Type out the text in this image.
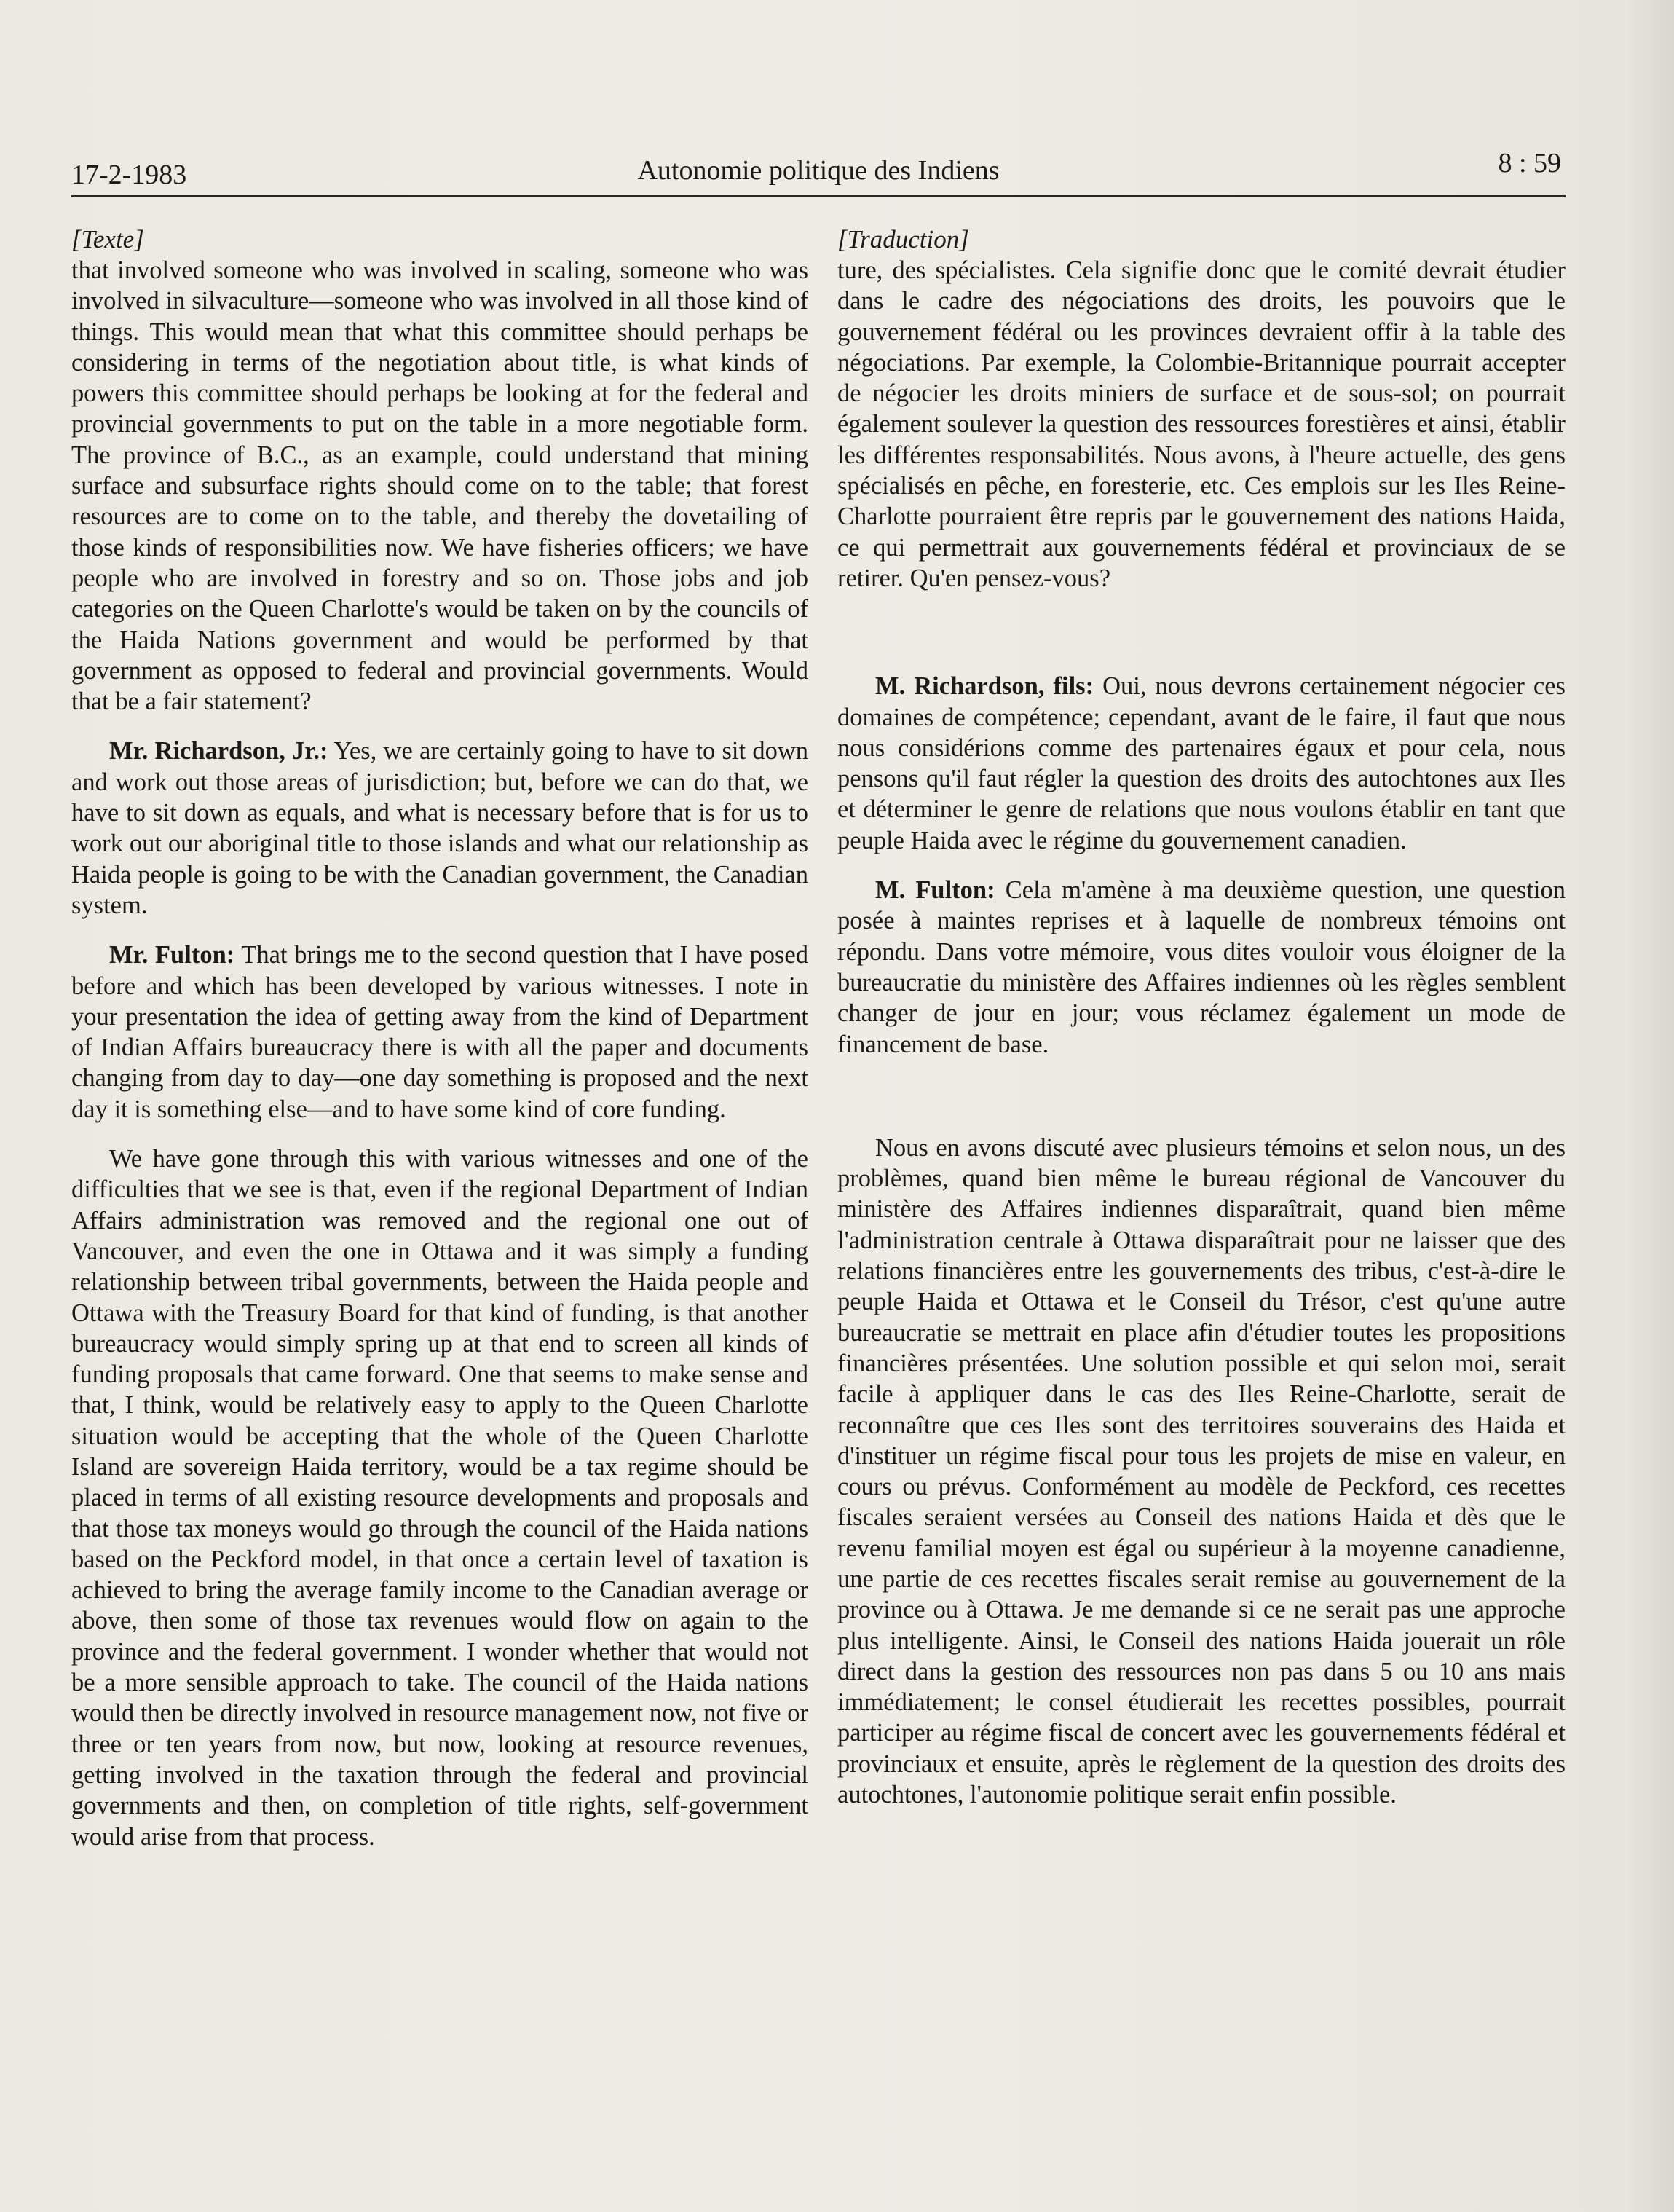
17-2-1983	Autonomie politique des Indiens	8 : 59
[Texte]

that involved someone who was involved in scaling, someone who was involved in silvaculture—someone who was involved in all those kind of things. This would mean that what this committee should perhaps be considering in terms of the negotiation about title, is what kinds of powers this committee should perhaps be looking at for the federal and provincial governments to put on the table in a more negotiable form. The province of B.C., as an example, could understand that mining surface and subsurface rights should come on to the table; that forest resources are to come on to the table, and thereby the dovetailing of those kinds of responsibilities now. We have fisheries officers; we have people who are involved in forestry and so on. Those jobs and job categories on the Queen Charlotte's would be taken on by the councils of the Haida Nations government and would be performed by that government as opposed to federal and provincial governments. Would that be a fair statement?

Mr. Richardson, Jr.: Yes, we are certainly going to have to sit down and work out those areas of jurisdiction; but, before we can do that, we have to sit down as equals, and what is necessary before that is for us to work out our aboriginal title to those islands and what our relationship as Haida people is going to be with the Canadian government, the Canadian system.

Mr. Fulton: That brings me to the second question that I have posed before and which has been developed by various witnesses. I note in your presentation the idea of getting away from the kind of Department of Indian Affairs bureaucracy there is with all the paper and documents changing from day to day—one day something is proposed and the next day it is something else—and to have some kind of core funding.

We have gone through this with various witnesses and one of the difficulties that we see is that, even if the regional Department of Indian Affairs administration was removed and the regional one out of Vancouver, and even the one in Ottawa and it was simply a funding relationship between tribal governments, between the Haida people and Ottawa with the Treasury Board for that kind of funding, is that another bureaucracy would simply spring up at that end to screen all kinds of funding proposals that came forward. One that seems to make sense and that, I think, would be relatively easy to apply to the Queen Charlotte situation would be accepting that the whole of the Queen Charlotte Island are sovereign Haida territory, would be a tax regime should be placed in terms of all existing resource developments and proposals and that those tax moneys would go through the council of the Haida nations based on the Peckford model, in that once a certain level of taxation is achieved to bring the average family income to the Canadian average or above, then some of those tax revenues would flow on again to the province and the federal government. I wonder whether that would not be a more sensible approach to take. The council of the Haida nations would then be directly involved in resource management now, not five or three or ten years from now, but now, looking at resource revenues, getting involved in the taxation through the federal and provincial governments and then, on completion of title rights, self-government would arise from that process.

[Traduction]

ture, des spécialistes. Cela signifie donc que le comité devrait étudier dans le cadre des négociations des droits, les pouvoirs que le gouvernement fédéral ou les provinces devraient offir à la table des négociations. Par exemple, la Colombie-Britannique pourrait accepter de négocier les droits miniers de surface et de sous-sol; on pourrait également soulever la question des ressources forestières et ainsi, établir les différentes responsabilités. Nous avons, à l'heure actuelle, des gens spécialisés en pêche, en foresterie, etc. Ces emplois sur les Iles Reine-Charlotte pourraient être repris par le gouvernement des nations Haida, ce qui permettrait aux gouvernements fédéral et provinciaux de se retirer. Qu'en pensez-vous?

M. Richardson, fils: Oui, nous devrons certainement négocier ces domaines de compétence; cependant, avant de le faire, il faut que nous nous considérions comme des partenaires égaux et pour cela, nous pensons qu'il faut régler la question des droits des autochtones aux Iles et déterminer le genre de relations que nous voulons établir en tant que peuple Haida avec le régime du gouvernement canadien.

M. Fulton: Cela m'amène à ma deuxième question, une question posée à maintes reprises et à laquelle de nombreux témoins ont répondu. Dans votre mémoire, vous dites vouloir vous éloigner de la bureaucratie du ministère des Affaires indiennes où les règles semblent changer de jour en jour; vous réclamez également un mode de financement de base.

Nous en avons discuté avec plusieurs témoins et selon nous, un des problèmes, quand bien même le bureau régional de Vancouver du ministère des Affaires indiennes disparaîtrait, quand bien même l'administration centrale à Ottawa disparaîtrait pour ne laisser que des relations financières entre les gouvernements des tribus, c'est-à-dire le peuple Haida et Ottawa et le Conseil du Trésor, c'est qu'une autre bureaucratie se mettrait en place afin d'étudier toutes les propositions financières présentées. Une solution possible et qui selon moi, serait facile à appliquer dans le cas des Iles Reine-Charlotte, serait de reconnaître que ces Iles sont des territoires souverains des Haida et d'instituer un régime fiscal pour tous les projets de mise en valeur, en cours ou prévus. Conformément au modèle de Peckford, ces recettes fiscales seraient versées au Conseil des nations Haida et dès que le revenu familial moyen est égal ou supérieur à la moyenne canadienne, une partie de ces recettes fiscales serait remise au gouvernement de la province ou à Ottawa. Je me demande si ce ne serait pas une approche plus intelligente. Ainsi, le Conseil des nations Haida jouerait un rôle direct dans la gestion des ressources non pas dans 5 ou 10 ans mais immédiatement; le consel étudierait les recettes possibles, pourrait participer au régime fiscal de concert avec les gouvernements fédéral et provinciaux et ensuite, après le règlement de la question des droits des autochtones, l'autonomie politique serait enfin possible.
